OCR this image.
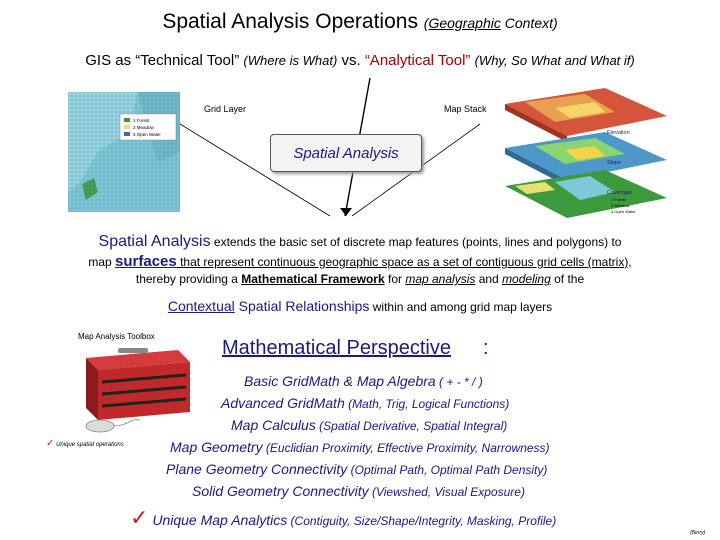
Spatial Analysis Operations (Geographic Context)
GIS as “Technical Tool” (Where is What) vs. “Analytical Tool” (Why, So What and What if)
1 Forest
2 Meadow
3 Open Water
Grid Layer	Map Stack
Spatial Analysis
Elevation
Slope
Covertype
1 Forest
2 Meadow
3 Open Water
Spatial Analysis extends the basic set of discrete map features (points, lines and polygons) to
map surfaces that represent continuous geographic space as a set of contiguous grid cells (matrix),
thereby providing a Mathematical Framework for map analysis and modeling of the
Contextual Spatial Relationships within and among grid map layers
Map Analysis Toolbox
✓ Unique spatial operations
Mathematical Perspective :
Basic GridMath & Map Algebra ( + - * / )
Advanced GridMath (Math, Trig, Logical Functions)
Map Calculus (Spatial Derivative, Spatial Integral)
Map Geometry (Euclidian Proximity, Effective Proximity, Narrowness)
Plane Geometry Connectivity (Optimal Path, Optimal Path Density)
Solid Geometry Connectivity (Viewshed, Visual Exposure)
✓ Unique Map Analytics (Contiguity, Size/Shape/Integrity, Masking, Profile)
(Berry)
